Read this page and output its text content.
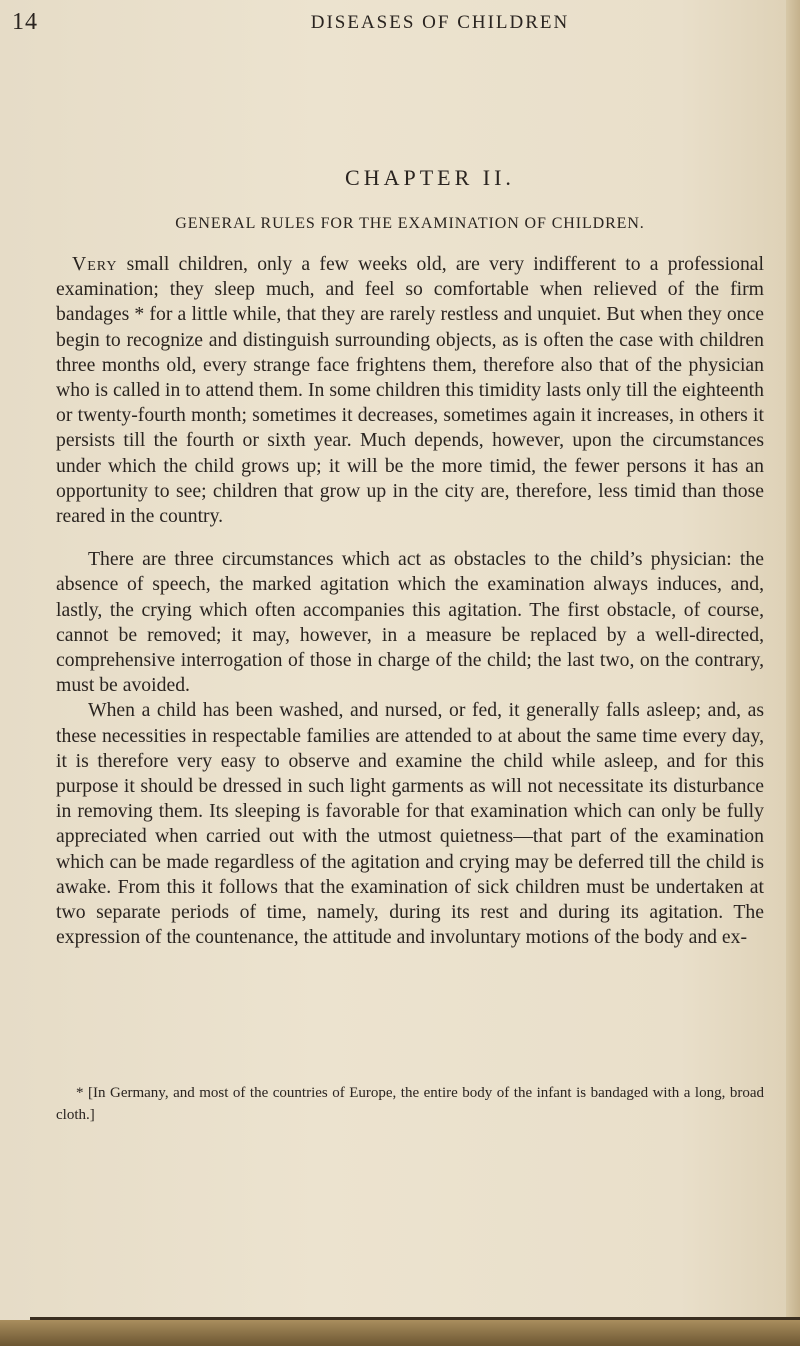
14	DISEASES OF CHILDREN
CHAPTER II.
GENERAL RULES FOR THE EXAMINATION OF CHILDREN.

Very small children, only a few weeks old, are very indifferent to a professional examination; they sleep much, and feel so comfortable when relieved of the firm bandages * for a little while, that they are rarely restless and unquiet. But when they once begin to recognize and distinguish surrounding objects, as is often the case with children three months old, every strange face frightens them, therefore also that of the physician who is called in to attend them. In some children this timidity lasts only till the eighteenth or twenty-fourth month; sometimes it decreases, sometimes again it increases, in others it persists till the fourth or sixth year. Much depends, however, upon the circumstances under which the child grows up; it will be the more timid, the fewer persons it has an opportunity to see; children that grow up in the city are, therefore, less timid than those reared in the country.

There are three circumstances which act as obstacles to the child’s physician: the absence of speech, the marked agitation which the examination always induces, and, lastly, the crying which often accompanies this agitation. The first obstacle, of course, cannot be removed; it may, however, in a measure be replaced by a well-directed, comprehensive interrogation of those in charge of the child; the last two, on the contrary, must be avoided.

When a child has been washed, and nursed, or fed, it generally falls asleep; and, as these necessities in respectable families are attended to at about the same time every day, it is therefore very easy to observe and examine the child while asleep, and for this purpose it should be dressed in such light garments as will not necessitate its disturbance in removing them. Its sleeping is favorable for that examination which can only be fully appreciated when carried out with the utmost quietness—that part of the examination which can be made regardless of the agitation and crying may be deferred till the child is awake. From this it follows that the examination of sick children must be undertaken at two separate periods of time, namely, during its rest and during its agitation. The expression of the countenance, the attitude and involuntary motions of the body and ex-

* [In Germany, and most of the countries of Europe, the entire body of the infant is bandaged with a long, broad cloth.]
